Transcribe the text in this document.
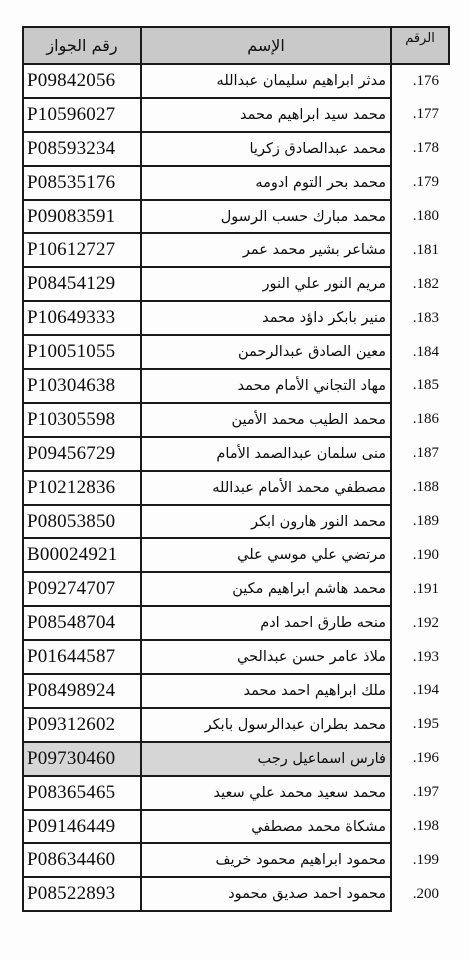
رقم الجواز	الإسم	الرقم
P09842056	مدثر ابراهيم سليمان عبدالله	.176
P10596027	محمد سيد ابراهيم محمد	.177
P08593234	محمد عبدالصادق زكريا	.178
P08535176	محمد بحر التوم ادومه	.179
P09083591	محمد مبارك حسب الرسول	.180
P10612727	مشاعر بشير محمد عمر	.181
P08454129	مريم النور علي النور	.182
P10649333	منير بابكر داؤد محمد	.183
P10051055	معين الصادق عبدالرحمن	.184
P10304638	مهاد التجاني الأمام محمد	.185
P10305598	محمد الطيب محمد الأمين	.186
P09456729	منى سلمان عبدالصمد الأمام	.187
P10212836	مصطفي محمد الأمام عبدالله	.188
P08053850	محمد النور هارون ابكر	.189
B00024921	مرتضي علي موسي علي	.190
P09274707	محمد هاشم ابراهيم مكين	.191
P08548704	منحه طارق احمد ادم	.192
P01644587	ملاذ عامر حسن عبدالحي	.193
P08498924	ملك ابراهيم احمد محمد	.194
P09312602	محمد بطران عبدالرسول بابكر	.195
P09730460	فارس اسماعيل رجب	.196
P08365465	محمد سعيد محمد علي سعيد	.197
P09146449	مشكاة محمد مصطفي	.198
P08634460	محمود ابراهيم محمود خريف	.199
P08522893	محمود احمد صديق محمود	.200
